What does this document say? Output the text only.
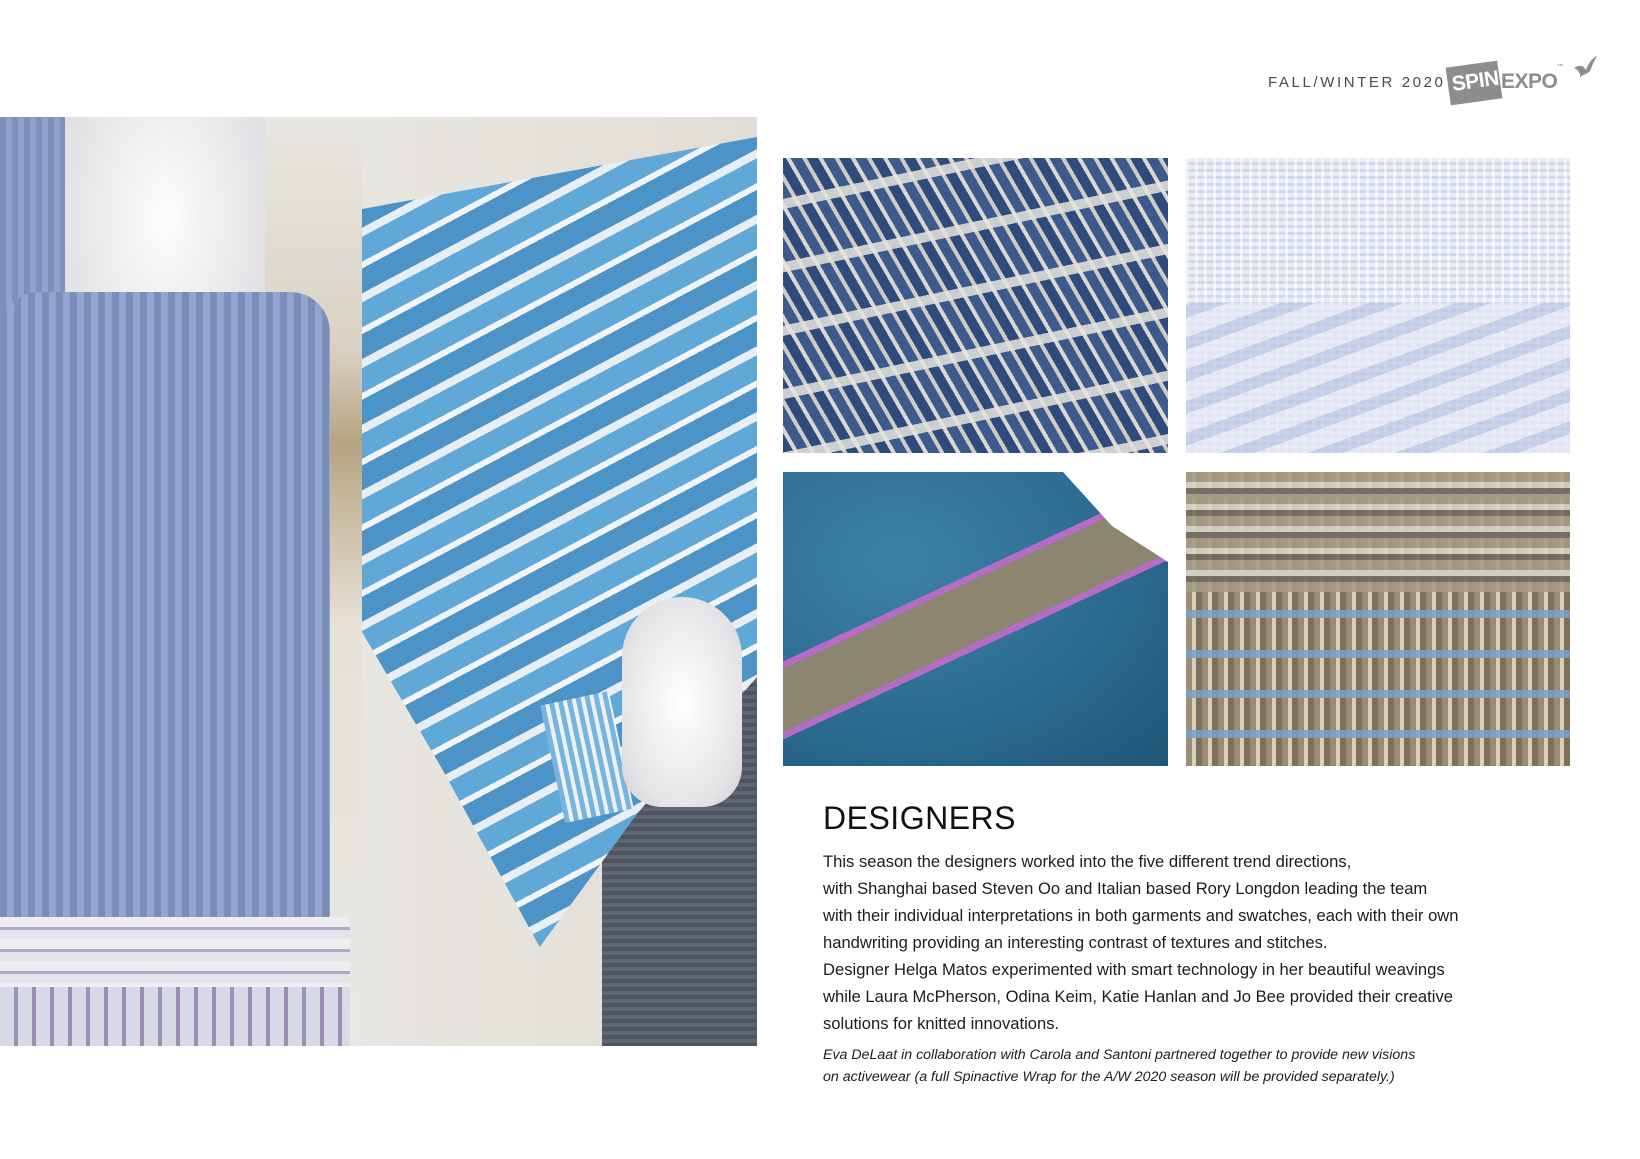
FALL/WINTER 2020 SPINEXPO™
DESIGNERS

This season the designers worked into the five different trend directions,
with Shanghai based Steven Oo and Italian based Rory Longdon leading the team
with their individual interpretations in both garments and swatches, each with their own
handwriting providing an interesting contrast of textures and stitches.
Designer Helga Matos experimented with smart technology in her beautiful weavings
while Laura McPherson, Odina Keim, Katie Hanlan and Jo Bee provided their creative
solutions for knitted innovations.

Eva DeLaat in collaboration with Carola and Santoni partnered together to provide new visions
on activewear (a full Spinactive Wrap for the A/W 2020 season will be provided separately.)
